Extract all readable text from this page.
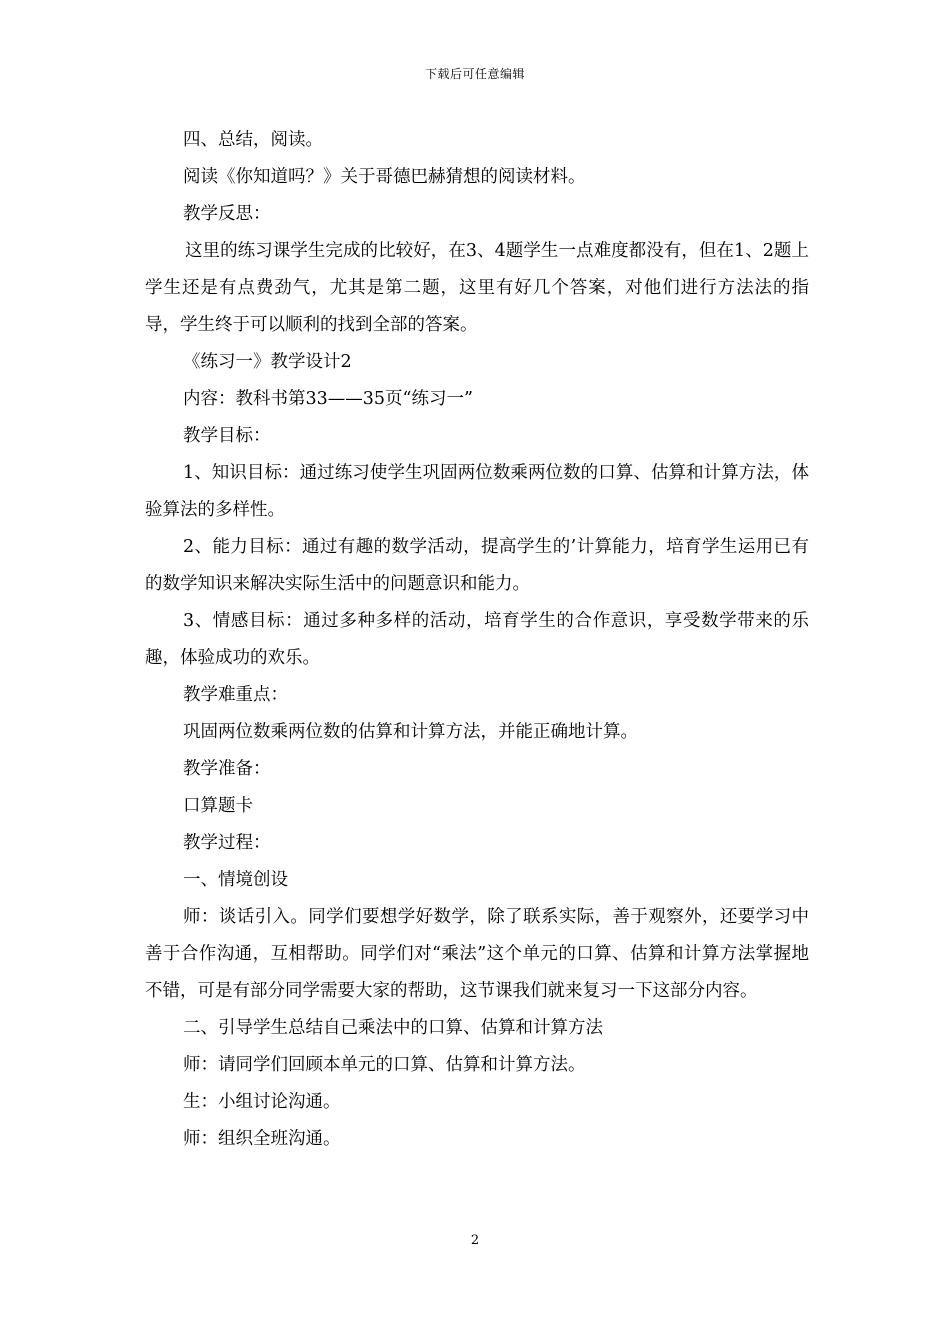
下载后可任意编辑

四、总结，阅读。

阅读《你知道吗？》关于哥德巴赫猜想的阅读材料。

教学反思：

这里的练习课学生完成的比较好，在3、4题学生一点难度都没有，但在1、2题上学生还是有点费劲气，尤其是第二题，这里有好几个答案，对他们进行方法法的指导，学生终于可以顺利的找到全部的答案。

《练习一》教学设计2

内容：教科书第33——35页“练习一”

教学目标：

1、知识目标：通过练习使学生巩固两位数乘两位数的口算、估算和计算方法，体验算法的多样性。

2、能力目标：通过有趣的数学活动，提高学生的’计算能力，培育学生运用已有的数学知识来解决实际生活中的问题意识和能力。

3、情感目标：通过多种多样的活动，培育学生的合作意识，享受数学带来的乐趣，体验成功的欢乐。

教学难重点：

巩固两位数乘两位数的估算和计算方法，并能正确地计算。

教学准备：

口算题卡

教学过程：

一、情境创设

师：谈话引入。同学们要想学好数学，除了联系实际，善于观察外，还要学习中善于合作沟通，互相帮助。同学们对“乘法”这个单元的口算、估算和计算方法掌握地不错，可是有部分同学需要大家的帮助，这节课我们就来复习一下这部分内容。

二、引导学生总结自己乘法中的口算、估算和计算方法

师：请同学们回顾本单元的口算、估算和计算方法。

生：小组讨论沟通。

师：组织全班沟通。

2
